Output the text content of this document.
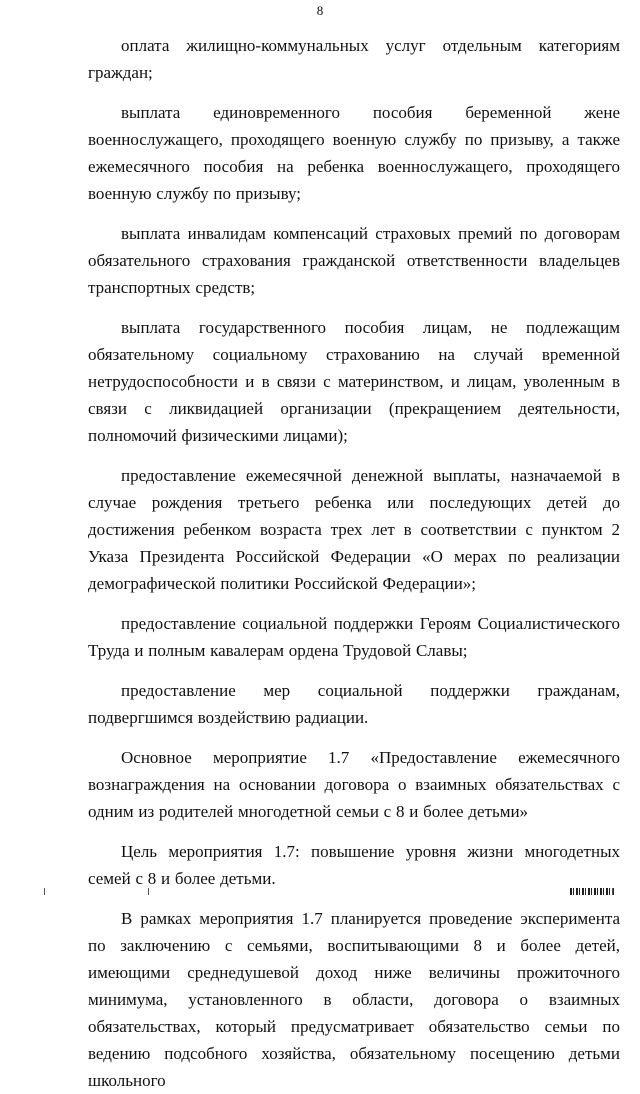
8

оплата жилищно-коммунальных услуг отдельным категориям граждан;

выплата единовременного пособия беременной жене военнослужащего, проходящего военную службу по призыву, а также ежемесячного пособия на ребенка военнослужащего, проходящего военную службу по призыву;

выплата инвалидам компенсаций страховых премий по договорам обязательного страхования гражданской ответственности владельцев транспортных средств;

выплата государственного пособия лицам, не подлежащим обязательному социальному страхованию на случай временной нетрудоспособности и в связи с материнством, и лицам, уволенным в связи с ликвидацией организации (прекращением деятельности, полномочий физическими лицами);

предоставление ежемесячной денежной выплаты, назначаемой в случае рождения третьего ребенка или последующих детей до достижения ребенком возраста трех лет в соответствии с пунктом 2 Указа Президента Российской Федерации «О мерах по реализации демографической политики Российской Федерации»;

предоставление социальной поддержки Героям Социалистического Труда и полным кавалерам ордена Трудовой Славы;

предоставление мер социальной поддержки гражданам, подвергшимся воздействию радиации.

Основное мероприятие 1.7 «Предоставление ежемесячного вознаграждения на основании договора о взаимных обязательствах с одним из родителей многодетной семьи с 8 и более детьми»

Цель мероприятия 1.7: повышение уровня жизни многодетных семей с 8 и более детьми.

В рамках мероприятия 1.7 планируется проведение эксперимента по заключению с семьями, воспитывающими 8 и более детей, имеющими среднедушевой доход ниже величины прожиточного минимума, установленного в области, договора о взаимных обязательствах, который предусматривает обязательство семьи по ведению подсобного хозяйства, обязательному посещению детьми школьного
